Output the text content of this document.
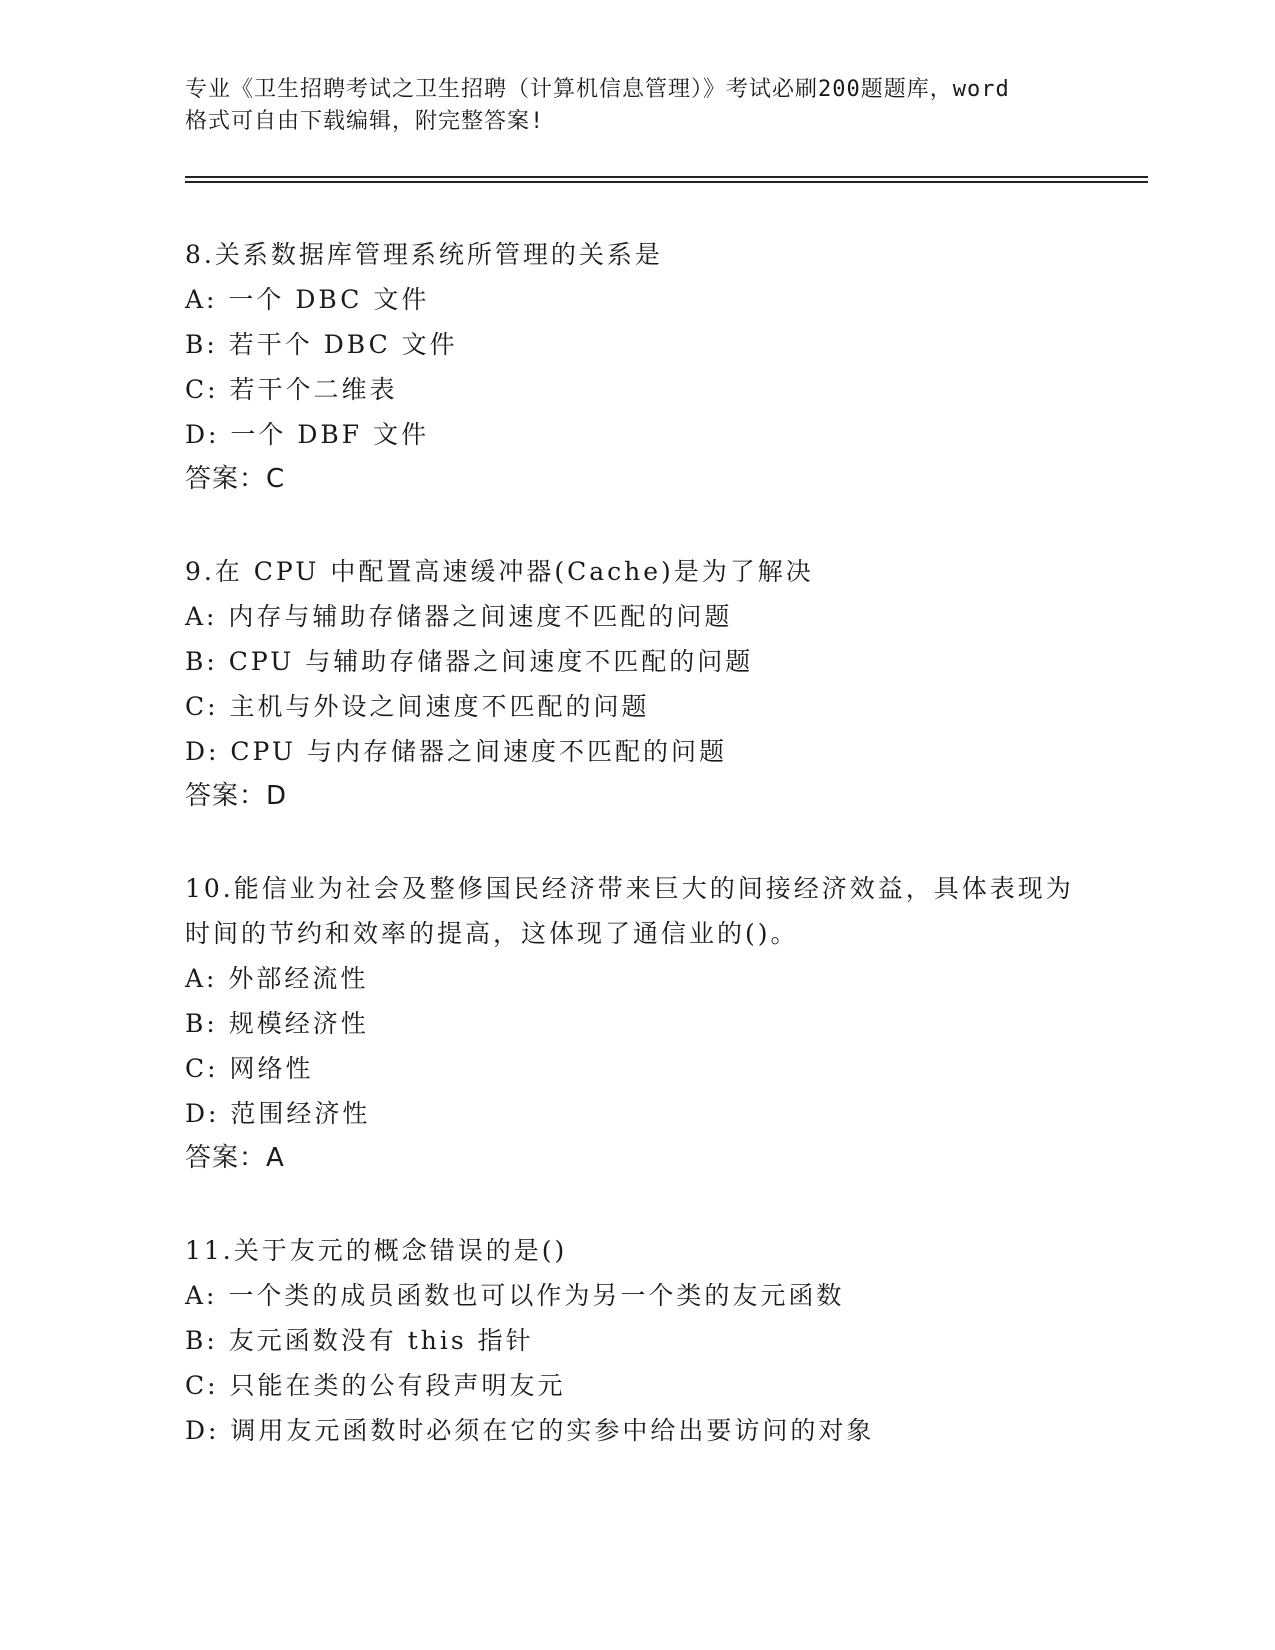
专业《卫生招聘考试之卫生招聘（计算机信息管理）》考试必刷200题题库，word
格式可自由下载编辑，附完整答案!
8.关系数据库管理系统所管理的关系是
A: 一个 DBC 文件
B: 若干个 DBC 文件
C: 若干个二维表
D: 一个 DBF 文件
答案：C
9.在 CPU 中配置高速缓冲器(Cache)是为了解决
A: 内存与辅助存储器之间速度不匹配的问题
B: CPU 与辅助存储器之间速度不匹配的问题
C: 主机与外设之间速度不匹配的问题
D: CPU 与内存储器之间速度不匹配的问题
答案：D
10.能信业为社会及整修国民经济带来巨大的间接经济效益，具体表现为时间的节约和效率的提高，这体现了通信业的()。
A: 外部经流性
B: 规模经济性
C: 网络性
D: 范围经济性
答案：A
11.关于友元的概念错误的是()
A: 一个类的成员函数也可以作为另一个类的友元函数
B: 友元函数没有 this 指针
C: 只能在类的公有段声明友元
D: 调用友元函数时必须在它的实参中给出要访问的对象
